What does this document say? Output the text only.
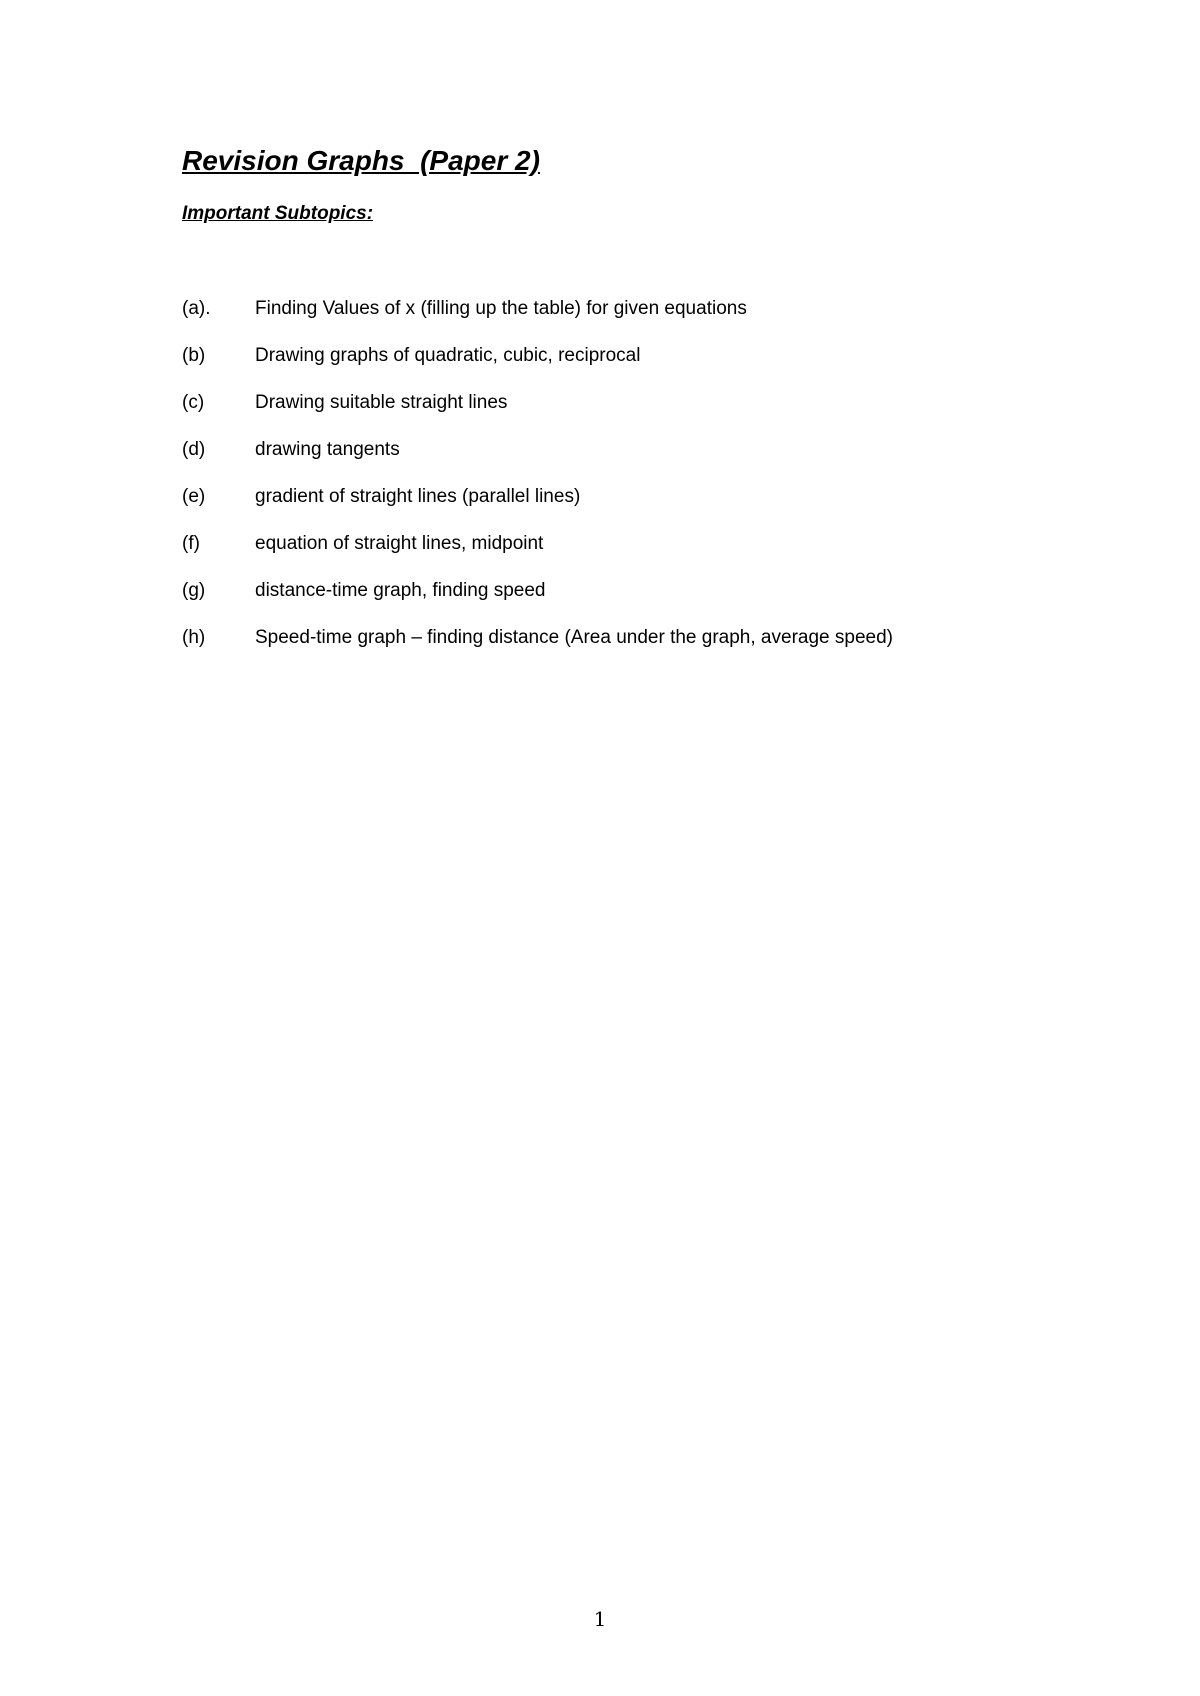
Revision Graphs  (Paper 2)
Important Subtopics:
(a). Finding Values of x (filling up the table) for given equations
(b)	Drawing graphs of quadratic, cubic, reciprocal
(c)	Drawing suitable straight lines
(d)	drawing tangents
(e)	gradient of straight lines (parallel lines)
(f)	equation of straight lines, midpoint
(g)	distance-time graph, finding speed
(h)	Speed-time graph – finding distance (Area under the graph, average speed)
1
